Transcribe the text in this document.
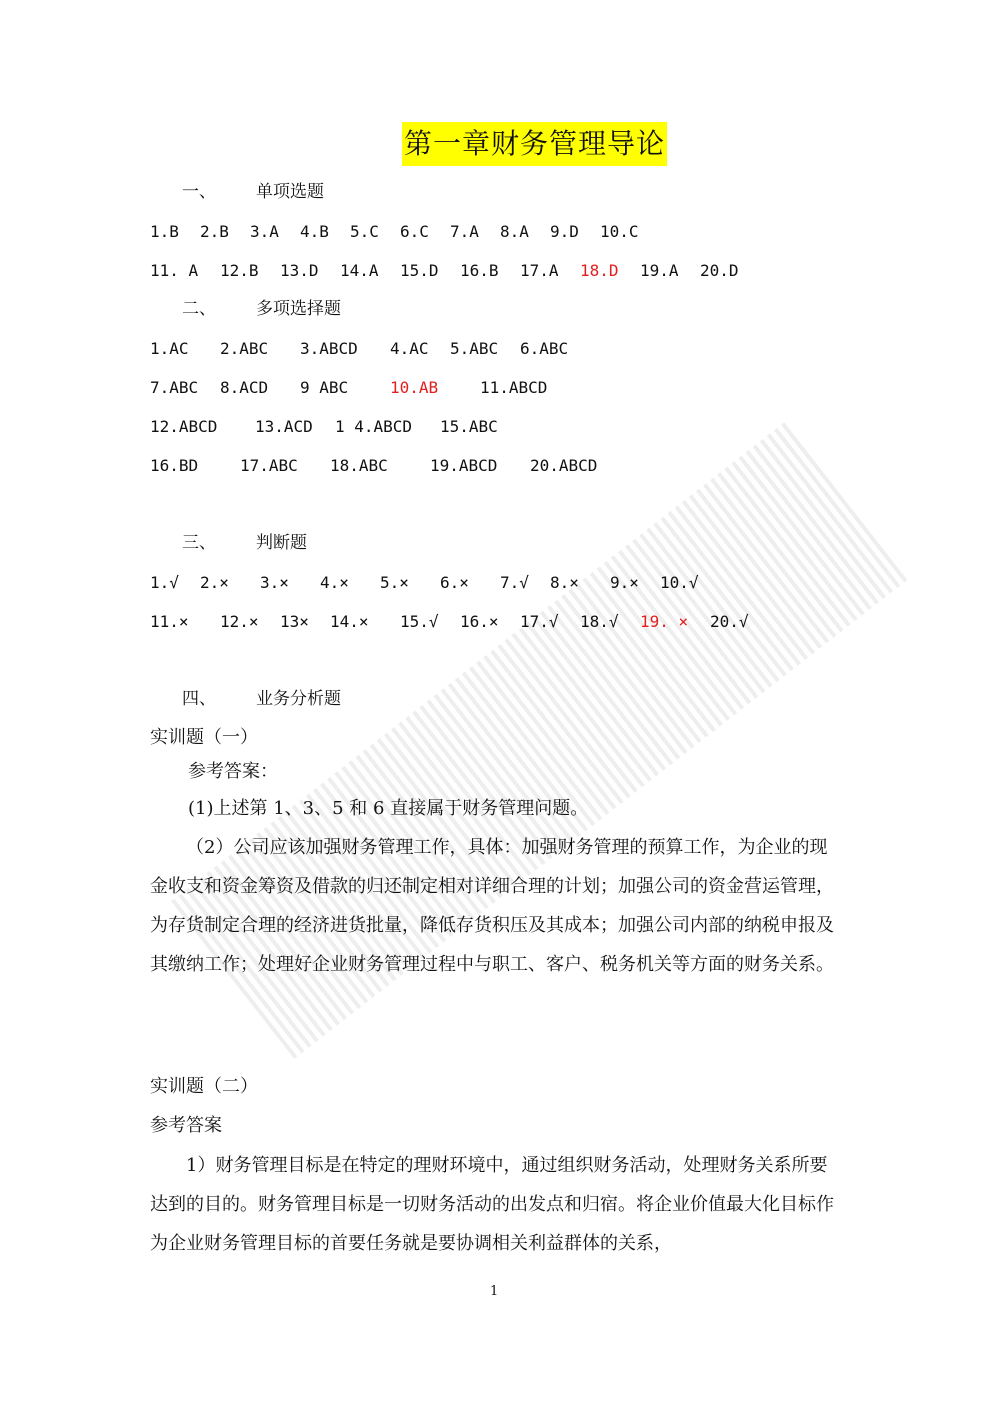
第一章财务管理导论
一、 单项选题
1.B 2.B 3.A 4.B 5.C 6.C 7.A 8.A 9.D 10.C
11. A 12.B 13.D 14.A 15.D 16.B 17.A 18.D 19.A 20.D
二、 多项选择题
1.AC 2.ABC 3.ABCD 4.AC 5.ABC 6.ABC
7.ABC 8.ACD 9 ABC	10.AB	11.ABCD
12.ABCD 13.ACD 1 4.ABCD 15.ABC
16.BD	17.ABC 18.ABC	19.ABCD 20.ABCD
三、 判断题
1.√ 2.× 3.× 4.× 5.× 6.× 7.√ 8.× 9.× 10.√
11.× 12.× 13× 14.× 15.√ 16.× 17.√ 18.√ 19. × 20.√
四、 业务分析题
实训题（一）
参考答案：
(1)上述第 1、3、5 和 6 直接属于财务管理问题。
（2）公司应该加强财务管理工作，具体：加强财务管理的预算工作，为企业的现金收支和资金筹资及借款的归还制定相对详细合理的计划；加强公司的资金营运管理，为存货制定合理的经济进货批量，降低存货积压及其成本；加强公司内部的纳税申报及其缴纳工作；处理好企业财务管理过程中与职工、客户、税务机关等方面的财务关系。
实训题（二）
参考答案
1）财务管理目标是在特定的理财环境中，通过组织财务活动，处理财务关系所要达到的目的。财务管理目标是一切财务活动的出发点和归宿。将企业价值最大化目标作为企业财务管理目标的首要任务就是要协调相关利益群体的关系，
1
